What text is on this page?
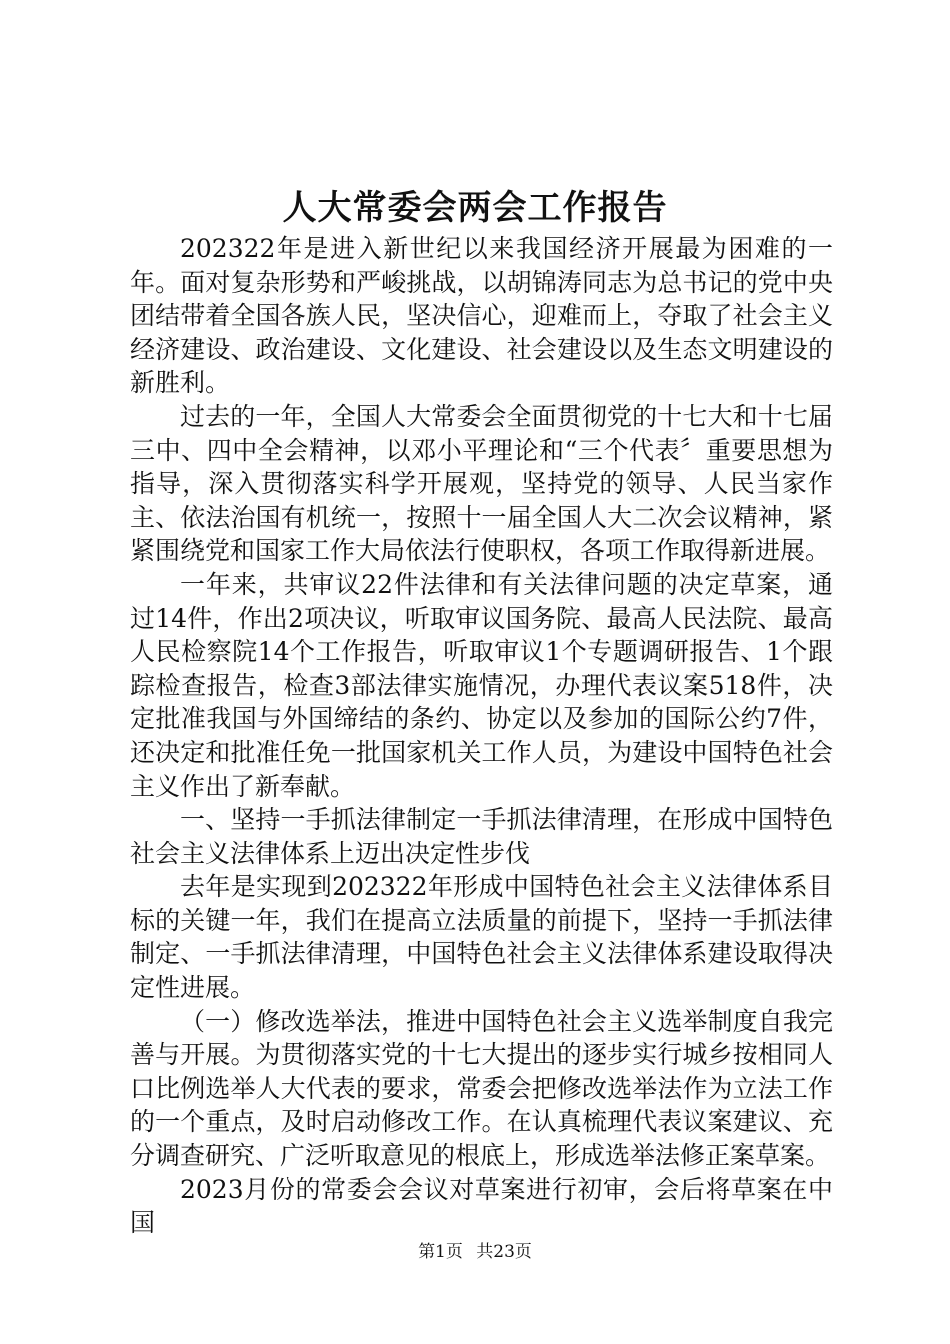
人大常委会两会工作报告

202322年是进入新世纪以来我国经济开展最为困难的一年。面对复杂形势和严峻挑战，以胡锦涛同志为总书记的党中央团结带着全国各族人民，坚决信心，迎难而上，夺取了社会主义经济建设、政治建设、文化建设、社会建设以及生态文明建设的新胜利。

过去的一年，全国人大常委会全面贯彻党的十七大和十七届三中、四中全会精神，以邓小平理论和“三个代表〞重要思想为指导，深入贯彻落实科学开展观，坚持党的领导、人民当家作主、依法治国有机统一，按照十一届全国人大二次会议精神，紧紧围绕党和国家工作大局依法行使职权，各项工作取得新进展。

一年来，共审议22件法律和有关法律问题的决定草案，通过14件，作出2项决议，听取审议国务院、最高人民法院、最高人民检察院14个工作报告，听取审议1个专题调研报告、1个跟踪检查报告，检查3部法律实施情况，办理代表议案518件，决定批准我国与外国缔结的条约、协定以及参加的国际公约7件，还决定和批准任免一批国家机关工作人员，为建设中国特色社会主义作出了新奉献。

一、坚持一手抓法律制定一手抓法律清理，在形成中国特色社会主义法律体系上迈出决定性步伐

去年是实现到202322年形成中国特色社会主义法律体系目标的关键一年，我们在提高立法质量的前提下，坚持一手抓法律制定、一手抓法律清理，中国特色社会主义法律体系建设取得决定性进展。

（一）修改选举法，推进中国特色社会主义选举制度自我完善与开展。为贯彻落实党的十七大提出的逐步实行城乡按相同人口比例选举人大代表的要求，常委会把修改选举法作为立法工作的一个重点，及时启动修改工作。在认真梳理代表议案建议、充分调查研究、广泛听取意见的根底上，形成选举法修正案草案。

2023月份的常委会会议对草案进行初审，会后将草案在中国

第1页 共23页
